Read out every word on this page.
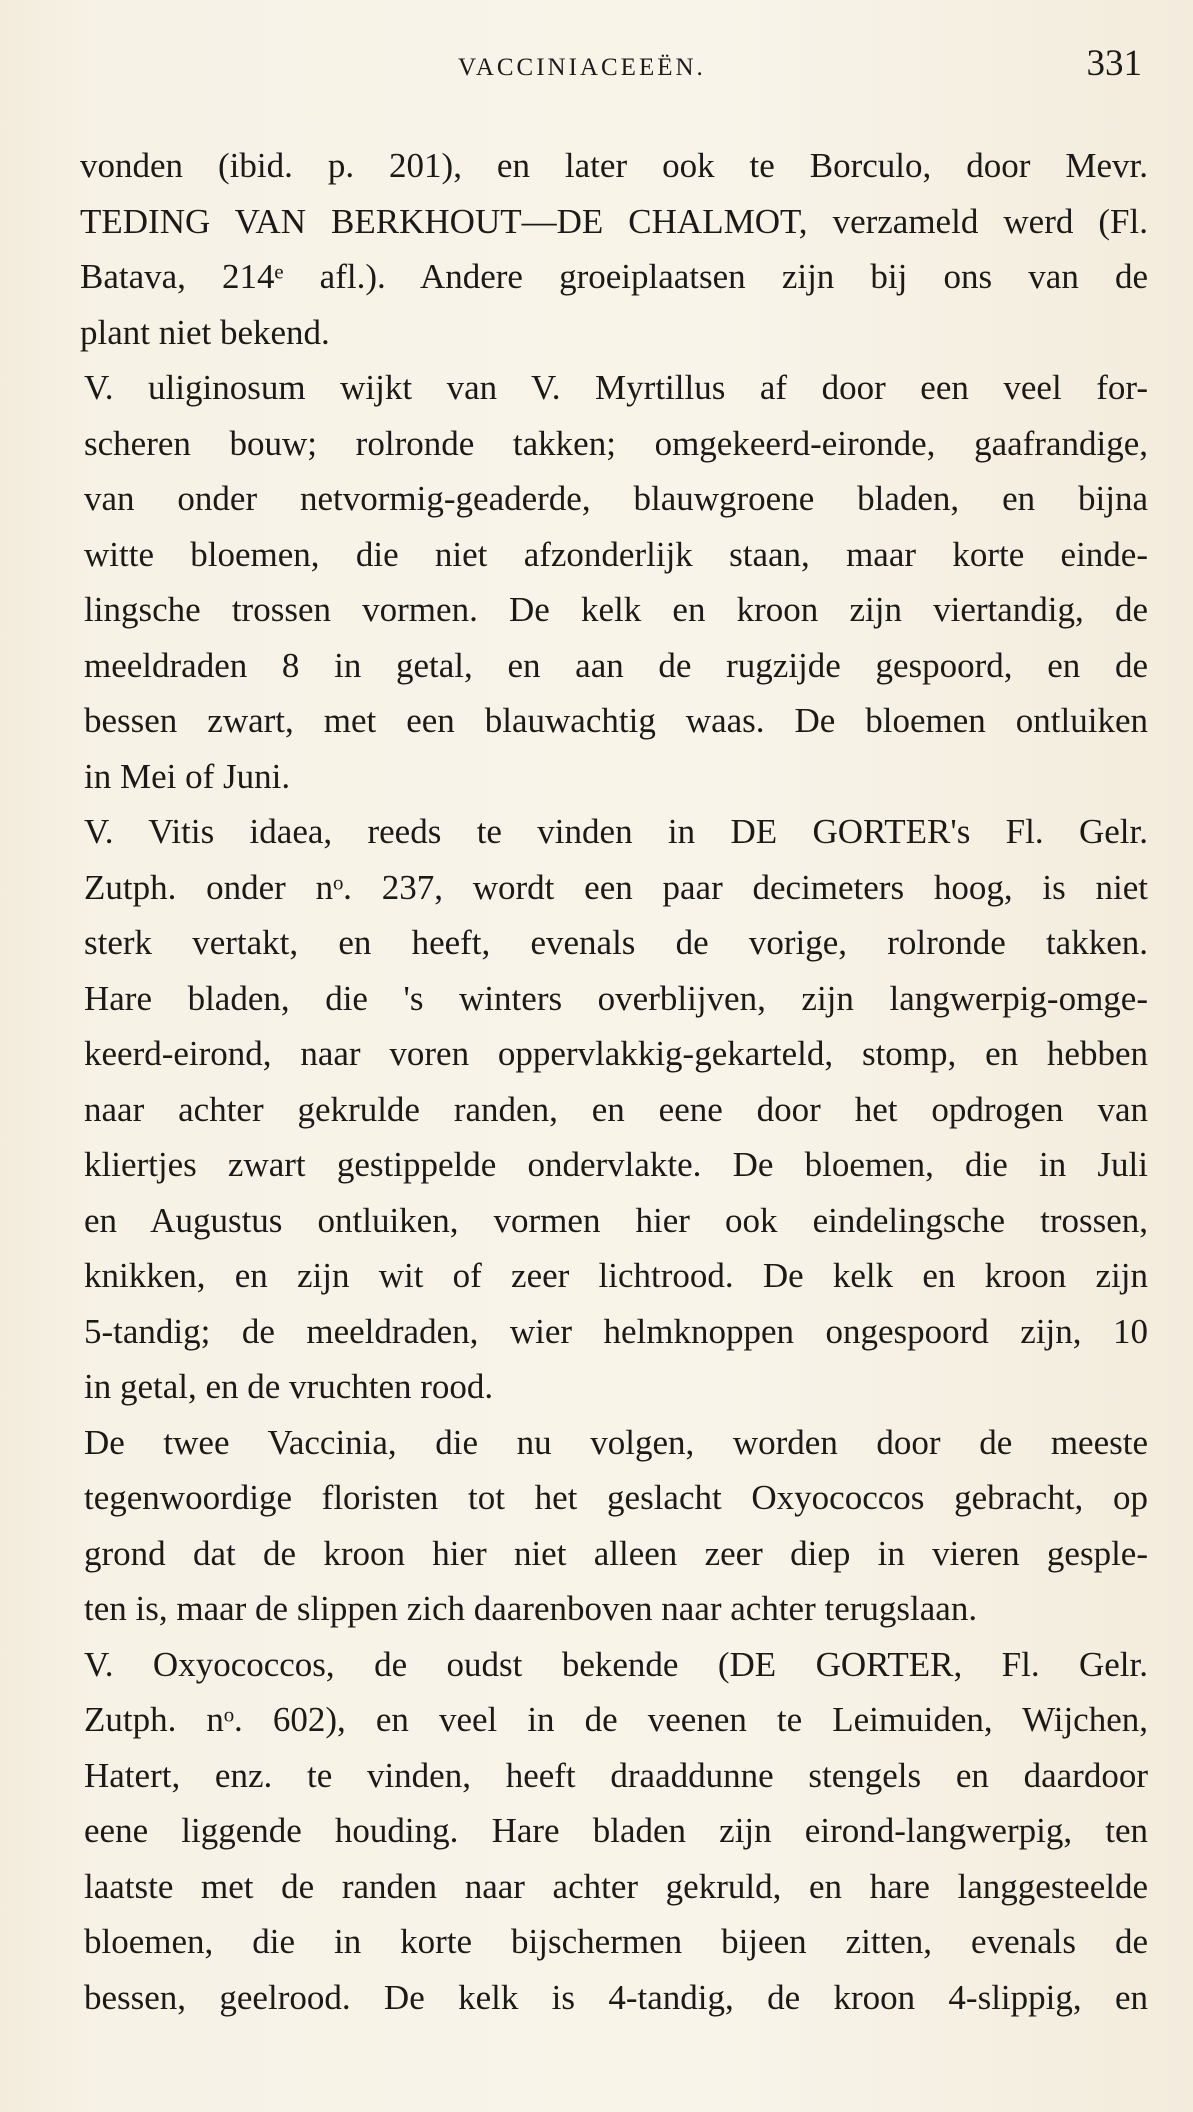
VACCINIACEEËN.	331

vonden (ibid. p. 201), en later ook te Borculo, door Mevr.
TEDING VAN BERKHOUT—DE CHALMOT, verzameld werd (Fl.
Batava, 214ᵉ afl.). Andere groeiplaatsen zijn bij ons van de
plant niet bekend.

V. uliginosum wijkt van V. Myrtillus af door een veel for-
scheren bouw; rolronde takken; omgekeerd-eironde, gaafrandige,
van onder netvormig-geaderde, blauwgroene bladen, en bijna
witte bloemen, die niet afzonderlijk staan, maar korte einde-
lingsche trossen vormen. De kelk en kroon zijn viertandig, de
meeldraden 8 in getal, en aan de rugzijde gespoord, en de
bessen zwart, met een blauwachtig waas. De bloemen ontluiken
in Mei of Juni.

V. Vitis idaea, reeds te vinden in DE GORTER's Fl. Gelr.
Zutph. onder nᵒ. 237, wordt een paar decimeters hoog, is niet
sterk vertakt, en heeft, evenals de vorige, rolronde takken.
Hare bladen, die 's winters overblijven, zijn langwerpig-omge-
keerd-eirond, naar voren oppervlakkig-gekarteld, stomp, en hebben
naar achter gekrulde randen, en eene door het opdrogen van
kliertjes zwart gestippelde ondervlakte. De bloemen, die in Juli
en Augustus ontluiken, vormen hier ook eindelingsche trossen,
knikken, en zijn wit of zeer lichtrood. De kelk en kroon zijn
5-tandig; de meeldraden, wier helmknoppen ongespoord zijn, 10
in getal, en de vruchten rood.

De twee Vaccinia, die nu volgen, worden door de meeste
tegenwoordige floristen tot het geslacht Oxyococcos gebracht, op
grond dat de kroon hier niet alleen zeer diep in vieren gesple-
ten is, maar de slippen zich daarenboven naar achter terugslaan.

V. Oxyococcos, de oudst bekende (DE GORTER, Fl. Gelr.
Zutph. nᵒ. 602), en veel in de veenen te Leimuiden, Wijchen,
Hatert, enz. te vinden, heeft draaddunne stengels en daardoor
eene liggende houding. Hare bladen zijn eirond-langwerpig, ten
laatste met de randen naar achter gekruld, en hare langgesteelde
bloemen, die in korte bijschermen bijeen zitten, evenals de
bessen, geelrood. De kelk is 4-tandig, de kroon 4-slippig, en
